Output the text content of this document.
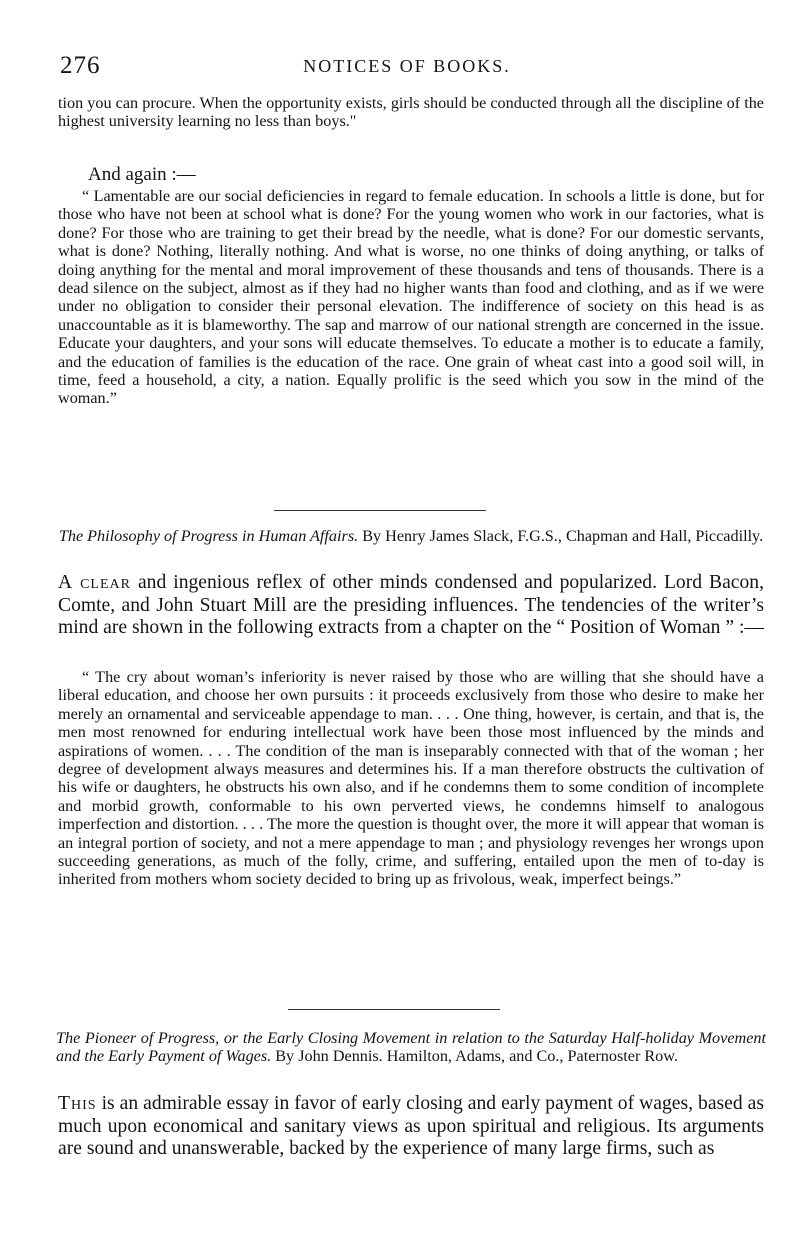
276	NOTICES OF BOOKS.

tion you can procure. When the opportunity exists, girls should be conducted through all the discipline of the highest university learning no less than boys."

And again :—

“ Lamentable are our social deficiencies in regard to female education. In schools a little is done, but for those who have not been at school what is done? For the young women who work in our factories, what is done? For those who are training to get their bread by the needle, what is done? For our domestic servants, what is done? Nothing, literally nothing. And what is worse, no one thinks of doing anything, or talks of doing anything for the mental and moral improvement of these thousands and tens of thousands. There is a dead silence on the subject, almost as if they had no higher wants than food and clothing, and as if we were under no obligation to consider their personal elevation. The indifference of society on this head is as unaccountable as it is blameworthy. The sap and marrow of our national strength are concerned in the issue. Educate your daughters, and your sons will educate themselves. To educate a mother is to educate a family, and the education of families is the education of the race. One grain of wheat cast into a good soil will, in time, feed a household, a city, a nation. Equally prolific is the seed which you sow in the mind of the woman.”

The Philosophy of Progress in Human Affairs. By Henry James Slack, F.G.S., Chapman and Hall, Piccadilly.

A clear and ingenious reflex of other minds condensed and popularized. Lord Bacon, Comte, and John Stuart Mill are the presiding influences. The tendencies of the writer’s mind are shown in the following extracts from a chapter on the “ Position of Woman ” :—

“ The cry about woman’s inferiority is never raised by those who are willing that she should have a liberal education, and choose her own pursuits : it proceeds exclusively from those who desire to make her merely an ornamental and serviceable appendage to man. . . . One thing, however, is certain, and that is, the men most renowned for enduring intellectual work have been those most influenced by the minds and aspirations of women. . . . The condition of the man is inseparably connected with that of the woman ; her degree of development always measures and determines his. If a man therefore obstructs the cultivation of his wife or daughters, he obstructs his own also, and if he condemns them to some condition of incomplete and morbid growth, conformable to his own perverted views, he condemns himself to analogous imperfection and distortion. . . . The more the question is thought over, the more it will appear that woman is an integral portion of society, and not a mere appendage to man ; and physiology revenges her wrongs upon succeeding generations, as much of the folly, crime, and suffering, entailed upon the men of to-day is inherited from mothers whom society decided to bring up as frivolous, weak, imperfect beings.”

The Pioneer of Progress, or the Early Closing Movement in relation to the Saturday Half-holiday Movement and the Early Payment of Wages. By John Dennis. Hamilton, Adams, and Co., Paternoster Row.

This is an admirable essay in favor of early closing and early payment of wages, based as much upon economical and sanitary views as upon spiritual and religious. Its arguments are sound and unanswerable, backed by the experience of many large firms, such as
